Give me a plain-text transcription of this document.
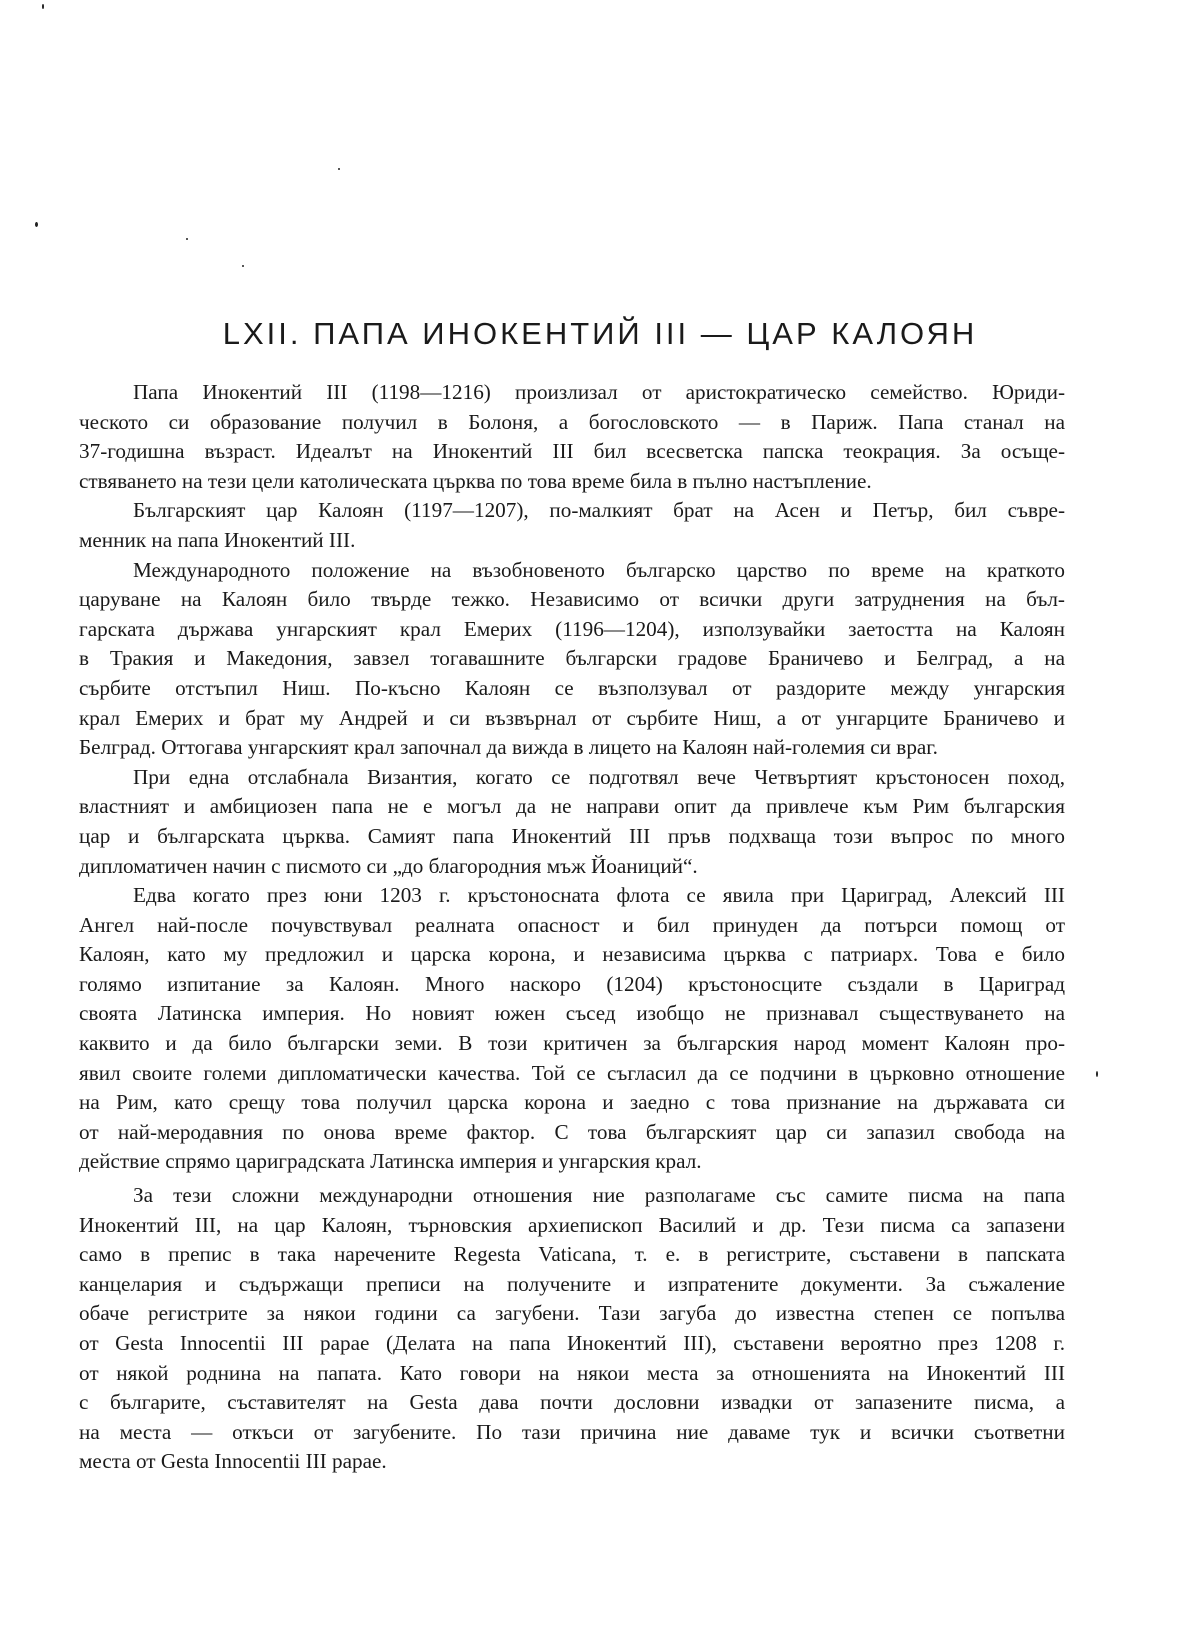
LXII. ПАПА ИНОКЕНТИЙ III — ЦАР КАЛОЯН
Папа Инокентий III (1198—1216) произлизал от аристократическо семейство. Юриди-
ческото си образование получил в Болоня, а богословското — в Париж. Папа станал на
37-годишна възраст. Идеалът на Инокентий III бил всесветска папска теокрация. За осъще-
ствяването на тези цели католическата църква по това време била в пълно настъпление.
Българският цар Калоян (1197—1207), по-малкият брат на Асен и Петър, бил съвре-
менник на папа Инокентий III.
Международното положение на възобновеното българско царство по време на краткото
царуване на Калоян било твърде тежко. Независимо от всички други затруднения на бъл-
гарската държава унгарският крал Емерих (1196—1204), използувайки заетостта на Калоян
в Тракия и Македония, завзел тогавашните български градове Браничево и Белград, а на
сърбите отстъпил Ниш. По-късно Калоян се възползувал от раздорите между унгарския
крал Емерих и брат му Андрей и си възвърнал от сърбите Ниш, а от унгарците Браничево и
Белград. Оттогава унгарският крал започнал да вижда в лицето на Калоян най-големия си враг.
При една отслабнала Византия, когато се подготвял вече Четвъртият кръстоносен поход,
властният и амбициозен папа не е могъл да не направи опит да привлече към Рим българския
цар и българската църква. Самият папа Инокентий III пръв подхваща този въпрос по много
дипломатичен начин с писмото си „до благородния мъж Йоаниций“.
Едва когато през юни 1203 г. кръстоносната флота се явила при Цариград, Алексий III
Ангел най-после почувствувал реалната опасност и бил принуден да потърси помощ от
Калоян, като му предложил и царска корона, и независима църква с патриарх. Това е било
голямо изпитание за Калоян. Много наскоро (1204) кръстоносците създали в Цариград
своята Латинска империя. Но новият южен съсед изобщо не признавал съществуването на
каквито и да било български земи. В този критичен за българския народ момент Калоян про-
явил своите големи дипломатически качества. Той се съгласил да се подчини в църковно отношение
на Рим, като срещу това получил царска корона и заедно с това признание на държавата си
от най-меродавния по онова време фактор. С това българският цар си запазил свобода на
действие спрямо цариградската Латинска империя и унгарския крал.
За тези сложни международни отношения ние разполагаме със самите писма на папа
Инокентий III, на цар Калоян, търновския архиепископ Василий и др. Тези писма са запазени
само в препис в така наречените Regesta Vaticana, т. е. в регистрите, съставени в папската
канцелария и съдържащи преписи на получените и изпратените документи. За съжаление
обаче регистрите за някои години са загубени. Тази загуба до известна степен се попълва
от Gesta Innocentii III papae (Делата на папа Инокентий III), съставени вероятно през 1208 г.
от някой роднина на папата. Като говори на някои места за отношенията на Инокентий III
с българите, съставителят на Gesta дава почти дословни извадки от запазените писма, а
на места — откъси от загубените. По тази причина ние даваме тук и всички съответни
места от Gesta Innocentii III papae.
